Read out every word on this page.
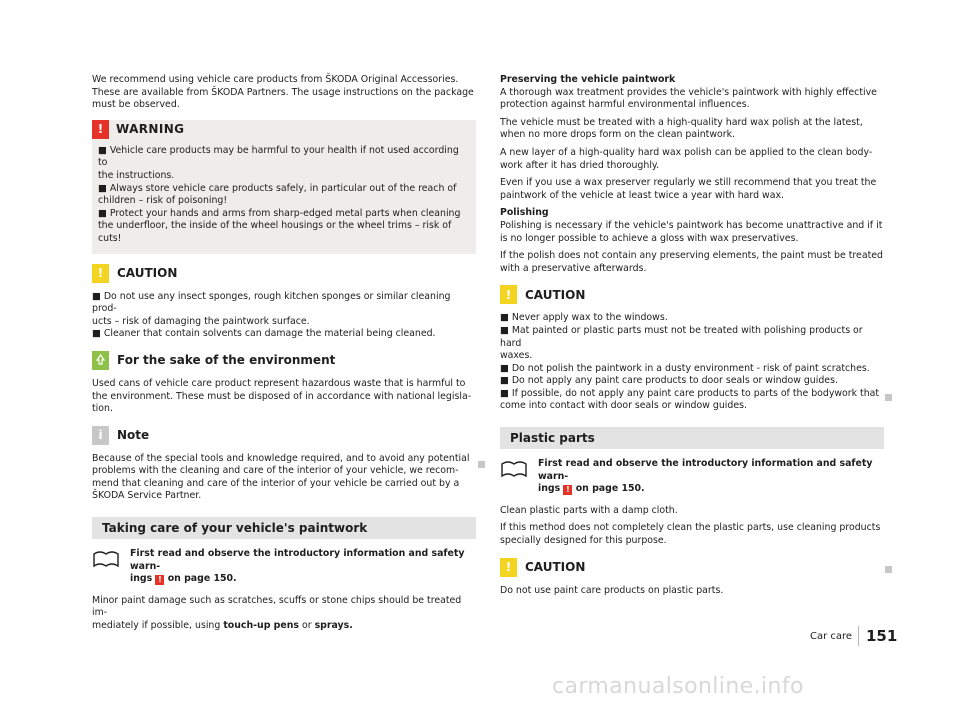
We recommend using vehicle care products from ŠKODA Original Accessories.
These are available from ŠKODA Partners. The usage instructions on the package
must be observed.

!	WARNING

■ Vehicle care products may be harmful to your health if not used according to
the instructions.

■ Always store vehicle care products safely, in particular out of the reach of
children – risk of poisoning!

■ Protect your hands and arms from sharp-edged metal parts when cleaning
the underfloor, the inside of the wheel housings or the wheel trims – risk of
cuts!

!	CAUTION

■ Do not use any insect sponges, rough kitchen sponges or similar cleaning prod-
ucts – risk of damaging the paintwork surface.

■ Cleaner that contain solvents can damage the material being cleaned.

For the sake of the environment

Used cans of vehicle care product represent hazardous waste that is harmful to
the environment. These must be disposed of in accordance with national legisla-
tion.

i	Note

Because of the special tools and knowledge required, and to avoid any potential
problems with the cleaning and care of the interior of your vehicle, we recom-
mend that cleaning and care of the interior of your vehicle be carried out by a
ŠKODA Service Partner.

Taking care of your vehicle's paintwork
First read and observe the introductory information and safety warn-
ings ! on page 150.

Minor paint damage such as scratches, scuffs or stone chips should be treated im-
mediately if possible, using touch-up pens or sprays.

Preserving the vehicle paintwork

A thorough wax treatment provides the vehicle's paintwork with highly effective
protection against harmful environmental influences.

The vehicle must be treated with a high-quality hard wax polish at the latest,
when no more drops form on the clean paintwork.

A new layer of a high-quality hard wax polish can be applied to the clean body-
work after it has dried thoroughly.

Even if you use a wax preserver regularly we still recommend that you treat the
paintwork of the vehicle at least twice a year with hard wax.

Polishing

Polishing is necessary if the vehicle's paintwork has become unattractive and if it
is no longer possible to achieve a gloss with wax preservatives.

If the polish does not contain any preserving elements, the paint must be treated
with a preservative afterwards.

!	CAUTION

■ Never apply wax to the windows.

■ Mat painted or plastic parts must not be treated with polishing products or hard
waxes.

■ Do not polish the paintwork in a dusty environment - risk of paint scratches.

■ Do not apply any paint care products to door seals or window guides.

■ If possible, do not apply any paint care products to parts of the bodywork that
come into contact with door seals or window guides.

Plastic parts
First read and observe the introductory information and safety warn-
ings ! on page 150.

Clean plastic parts with a damp cloth.

If this method does not completely clean the plastic parts, use cleaning products
specially designed for this purpose.

!	CAUTION

Do not use paint care products on plastic parts.

Car care 151
carmanualsonline.info
